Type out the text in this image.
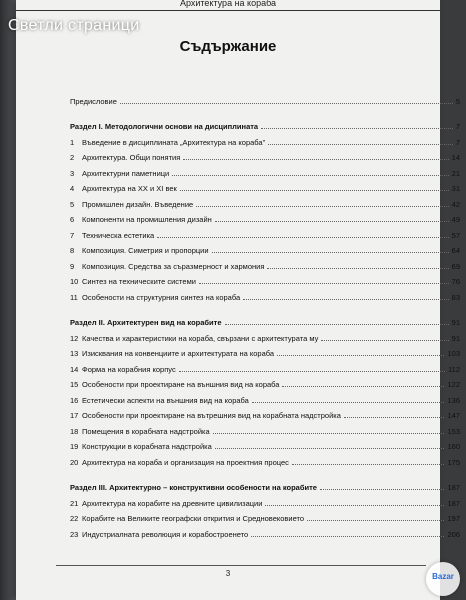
Архитектура на кораба
Съдържание
Предисловие	5
Раздел I. Методологични основи на дисциплината	7
1	Въведение в дисциплината „Архитектура на кораба”	7
2	Архитектура. Общи понятия	14
3	Архитектурни паметници	21
4	Архитектура на XX и XI век	31
5	Промишлен дизайн. Въведение	42
6	Компоненти на промишления дизайн	49
7	Техническа естетика	57
8	Композиция. Симетрия и пропорции	64
9	Композиция. Средства за съразмерност и хармония	69
10 Синтез на техническите системи	76
11 Особености на структурния синтез на кораба	83
Раздел II. Архитектурен вид на корабите	91
12 Качества и характеристики на кораба, свързани с архитектурата му	91
13 Изисквания на конвенциите и архитектурата на кораба	103
14 Форма на корабния корпус	112
15 Особености при проектиране на външния вид на кораба	122
16 Естетически аспекти на външния вид на кораба	136
17 Особености при проектиране на вътрешния вид на корабната надстройка	147
18 Помещения в корабната надстройка	153
19 Конструкции в корабната надстройка	160
20 Архитектура на кораба и организация на проектния процес	175
Раздел III. Архитектурно – конструктивни особености на корабите	187
21 Архитектура на корабите на древните цивилизации	187
22 Корабите на Великите географски открития и Средновековието	197
23 Индустриалната революция и корабостроенето	206
3
Светли страници
Bazar
